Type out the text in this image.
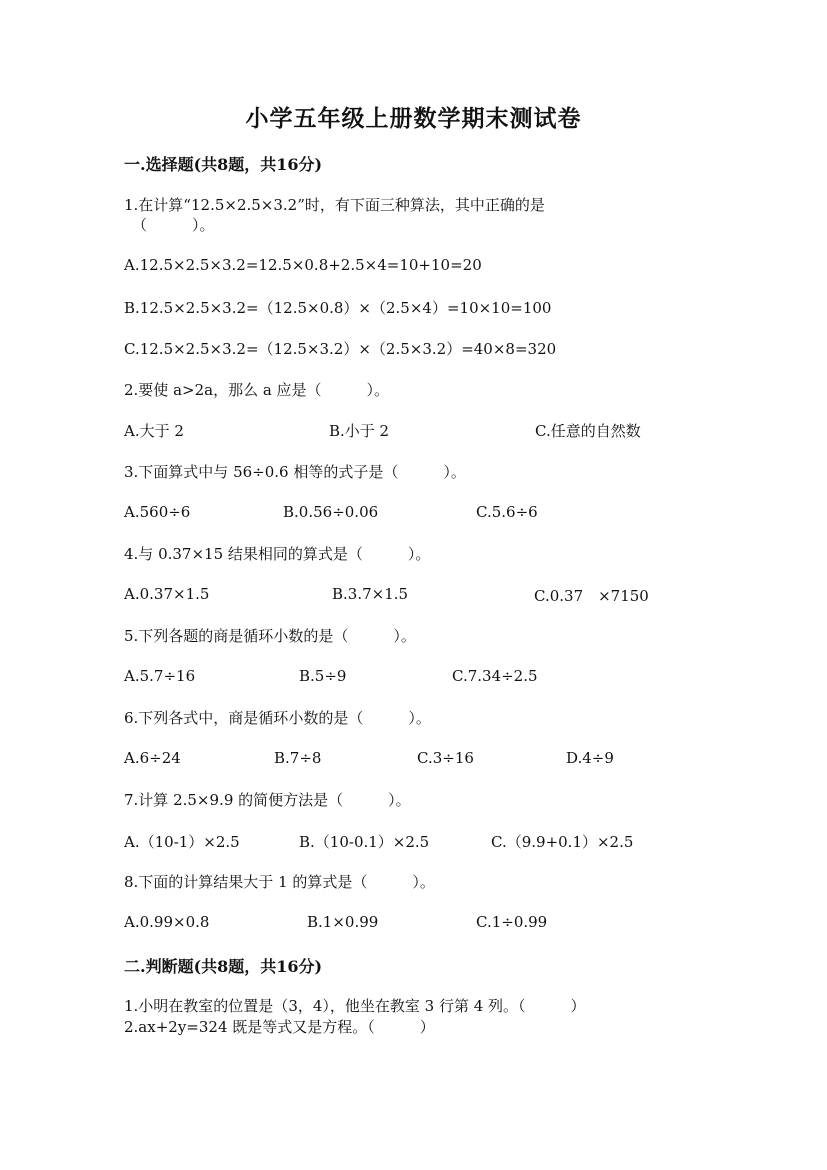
小学五年级上册数学期末测试卷
一.选择题(共8题，共16分)
1.在计算“12.5×2.5×3.2”时，有下面三种算法，其中正确的是
（　　　）。
A.12.5×2.5×3.2=12.5×0.8+2.5×4=10+10=20
B.12.5×2.5×3.2=（12.5×0.8）×（2.5×4）=10×10=100
C.12.5×2.5×3.2=（12.5×3.2）×（2.5×3.2）=40×8=320
2.要使 a>2a，那么 a 应是（　　　）。
A.大于 2	B.小于 2	C.任意的自然数
3.下面算式中与 56÷0.6 相等的式子是（　　　）。
A.560÷6	B.0.56÷0.06	C.5.6÷6
4.与 0.37×15 结果相同的算式是（　　　）。
A.0.37×1.5	B.3.7×1.5	C.0.37　×7150
5.下列各题的商是循环小数的是（　　　）。
A.5.7÷16	B.5÷9	C.7.34÷2.5
6.下列各式中，商是循环小数的是（　　　）。
A.6÷24	B.7÷8	C.3÷16	D.4÷9
7.计算 2.5×9.9 的简便方法是（　　　）。
A.（10-1）×2.5	B.（10-0.1）×2.5	C.（9.9+0.1）×2.5
8.下面的计算结果大于 1 的算式是（　　　）。
A.0.99×0.8	B.1×0.99	C.1÷0.99
二.判断题(共8题，共16分)
1.小明在教室的位置是（3，4），他坐在教室 3 行第 4 列。（　　　）
2.ax+2y=324 既是等式又是方程。（　　　）
